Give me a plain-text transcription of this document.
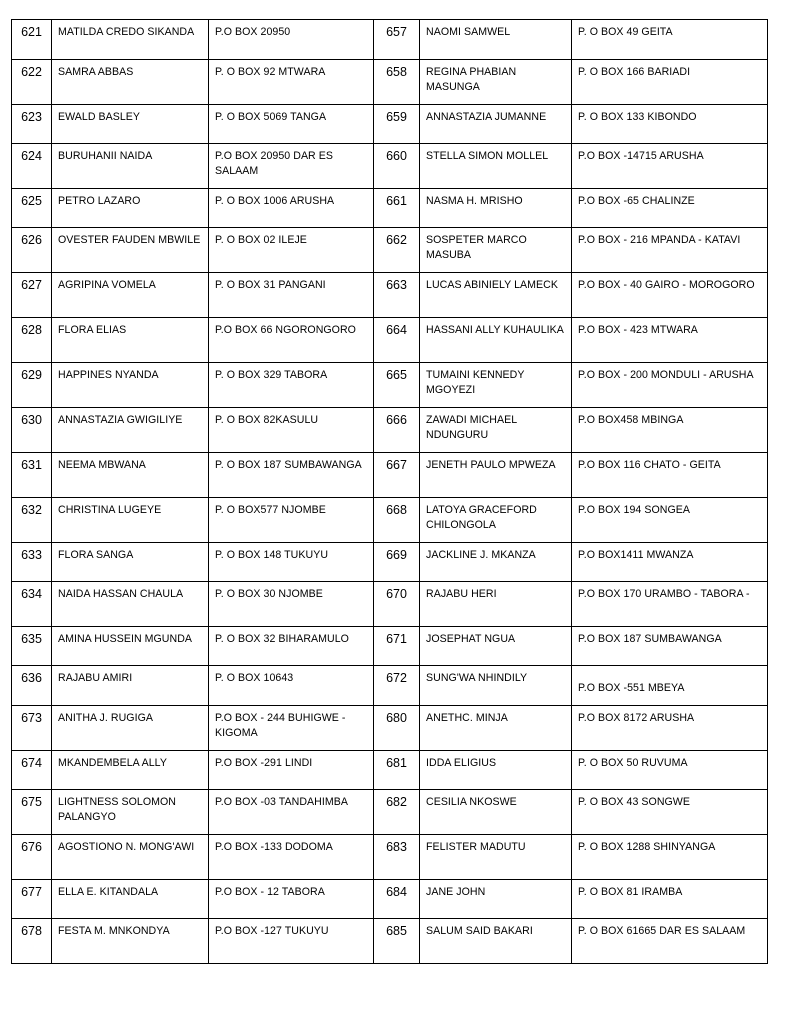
621	MATILDA CREDO SIKANDA	P.O BOX 20950	657	NAOMI SAMWEL	P. O BOX 49 GEITA
622	SAMRA ABBAS	P. O BOX 92 MTWARA	658	REGINA PHABIAN MASUNGA	P. O BOX 166 BARIADI
623	EWALD BASLEY	P. O BOX 5069 TANGA	659	ANNASTAZIA JUMANNE	P. O BOX 133 KIBONDO
624	BURUHANII NAIDA	P.O BOX 20950 DAR ES SALAAM	660	STELLA SIMON MOLLEL	P.O BOX -14715 ARUSHA
625	PETRO LAZARO	P. O BOX 1006 ARUSHA	661	NASMA H. MRISHO	P.O BOX -65 CHALINZE
626	OVESTER FAUDEN MBWILE	P. O BOX 02 ILEJE	662	SOSPETER MARCO MASUBA	P.O BOX - 216 MPANDA - KATAVI
627	AGRIPINA VOMELA	P. O BOX 31 PANGANI	663	LUCAS ABINIELY LAMECK	P.O BOX - 40 GAIRO - MOROGORO
628	FLORA ELIAS	P.O BOX 66 NGORONGORO	664	HASSANI ALLY KUHAULIKA	P.O BOX - 423 MTWARA
629	HAPPINES NYANDA	P. O BOX 329 TABORA	665	TUMAINI KENNEDY MGOYEZI	P.O BOX - 200 MONDULI - ARUSHA
630	ANNASTAZIA GWIGILIYE	P. O BOX 82KASULU	666	ZAWADI MICHAEL NDUNGURU	P.O BOX458 MBINGA
631	NEEMA MBWANA	P. O BOX 187 SUMBAWANGA	667	JENETH PAULO MPWEZA	P.O BOX 116 CHATO - GEITA
632	CHRISTINA LUGEYE	P. O BOX577 NJOMBE	668	LATOYA GRACEFORD CHILONGOLA	P.O BOX 194 SONGEA
633	FLORA SANGA	P. O BOX 148 TUKUYU	669	JACKLINE J. MKANZA	P.O BOX1411 MWANZA
634	NAIDA HASSAN CHAULA	P. O BOX 30 NJOMBE	670	RAJABU HERI	P.O BOX 170 URAMBO - TABORA -
635	AMINA HUSSEIN MGUNDA	P. O BOX 32 BIHARAMULO	671	JOSEPHAT NGUA	P.O BOX 187 SUMBAWANGA
636	RAJABU AMIRI	P. O BOX 10643	672	SUNG'WA NHINDILY	P.O BOX -551 MBEYA
673	ANITHA J. RUGIGA	P.O BOX - 244 BUHIGWE - KIGOMA	680	ANETHC. MINJA	P.O BOX 8172 ARUSHA
674	MKANDEMBELA ALLY	P.O BOX -291 LINDI	681	IDDA ELIGIUS	P. O BOX 50 RUVUMA
675	LIGHTNESS SOLOMON PALANGYO	P.O BOX -03 TANDAHIMBA	682	CESILIA NKOSWE	P. O BOX 43 SONGWE
676	AGOSTIONO N. MONG'AWI	P.O BOX -133 DODOMA	683	FELISTER MADUTU	P. O BOX 1288 SHINYANGA
677	ELLA E. KITANDALA	P.O BOX - 12 TABORA	684	JANE JOHN	P. O BOX 81 IRAMBA
678	FESTA M. MNKONDYA	P.O BOX -127 TUKUYU	685	SALUM SAID BAKARI	P. O BOX 61665 DAR ES SALAAM
